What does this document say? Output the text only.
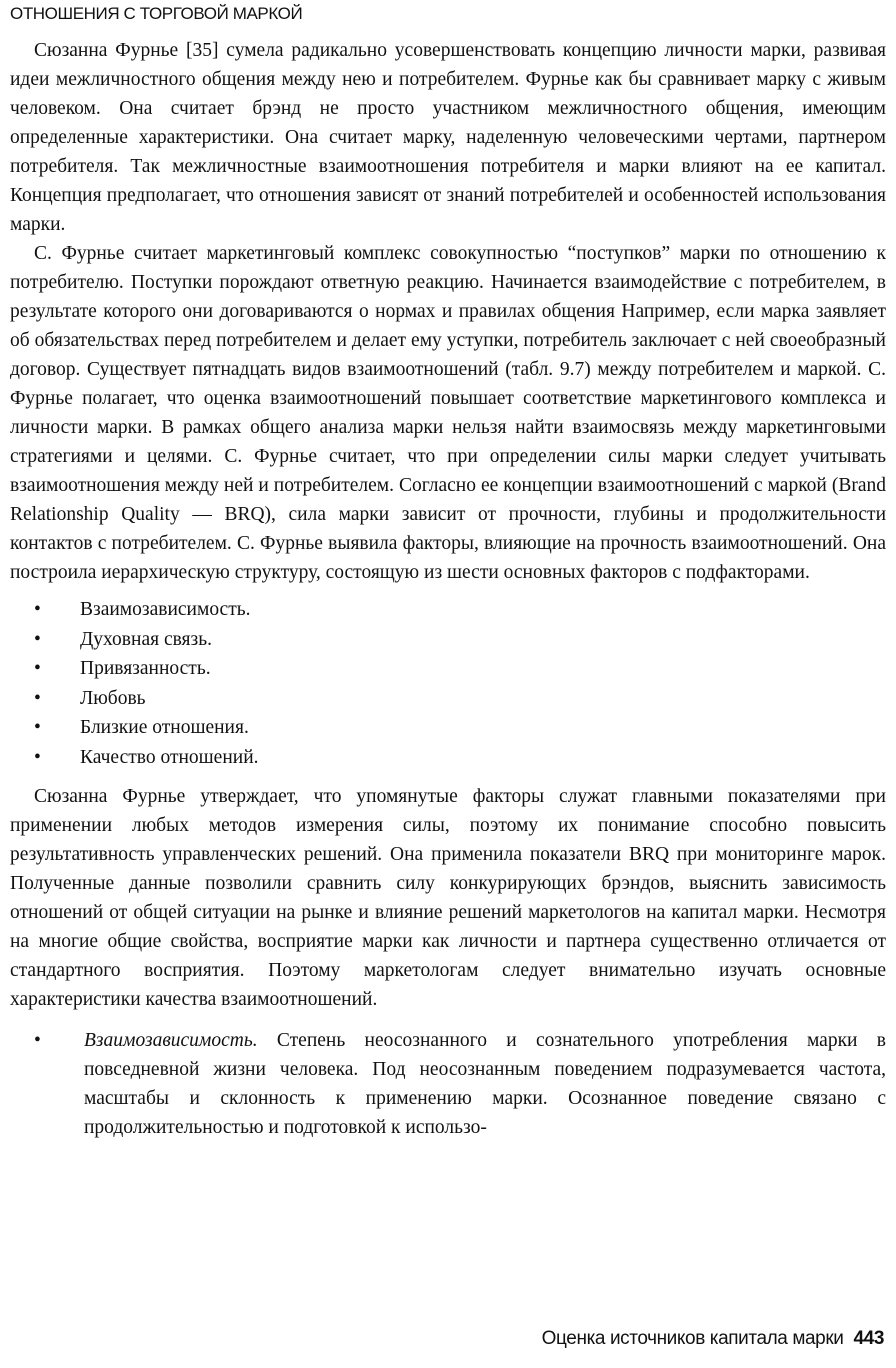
ОТНОШЕНИЯ С ТОРГОВОЙ МАРКОЙ

Сюзанна Фурнье [35] сумела радикально усовершенствовать концепцию личности марки, развивая идеи межличностного общения между нею и потребителем. Фурнье как бы сравнивает марку с живым человеком. Она считает брэнд не просто участником межличностного общения, имеющим определенные характеристики. Она считает марку, наделенную человеческими чертами, партнером потребителя. Так межличностные взаимоотношения потребителя и марки влияют на ее капитал. Концепция предполагает, что отношения зависят от знаний потребителей и особенностей использования марки.

С. Фурнье считает маркетинговый комплекс совокупностью “поступков” марки по отношению к потребителю. Поступки порождают ответную реакцию. Начинается взаимодействие с потребителем, в результате которого они договариваются о нормах и правилах общения Например, если марка заявляет об обязательствах перед потребителем и делает ему уступки, потребитель заключает с ней своеобразный договор. Существует пятнадцать видов взаимоотношений (табл. 9.7) между потребителем и маркой. С. Фурнье полагает, что оценка взаимоотношений повышает соответствие маркетингового комплекса и личности марки. В рамках общего анализа марки нельзя найти взаимосвязь между маркетинговыми стратегиями и целями. С. Фурнье считает, что при определении силы марки следует учитывать взаимоотношения между ней и потребителем. Согласно ее концепции взаимоотношений с маркой (Brand Relationship Quality — BRQ), сила марки зависит от прочности, глубины и продолжительности контактов с потребителем. С. Фурнье выявила факторы, влияющие на прочность взаимоотношений. Она построила иерархическую структуру, состоящую из шести основных факторов с подфакторами.

• Взаимозависимость.
• Духовная связь.
• Привязанность.
• Любовь
• Близкие отношения.
• Качество отношений.

Сюзанна Фурнье утверждает, что упомянутые факторы служат главными показателями при применении любых методов измерения силы, поэтому их понимание способно повысить результативность управленческих решений. Она применила показатели BRQ при мониторинге марок. Полученные данные позволили сравнить силу конкурирующих брэндов, выяснить зависимость отношений от общей ситуации на рынке и влияние решений маркетологов на капитал марки. Несмотря на многие общие свойства, восприятие марки как личности и партнера существенно отличается от стандартного восприятия. Поэтому маркетологам следует внимательно изучать основные характеристики качества взаимоотношений.

• Взаимозависимость. Степень неосознанного и сознательного употребления марки в повседневной жизни человека. Под неосознанным поведением подразумевается частота, масштабы и склонность к применению марки. Осознанное поведение связано с продолжительностью и подготовкой к использо-
Оценка источников капитала марки 443
